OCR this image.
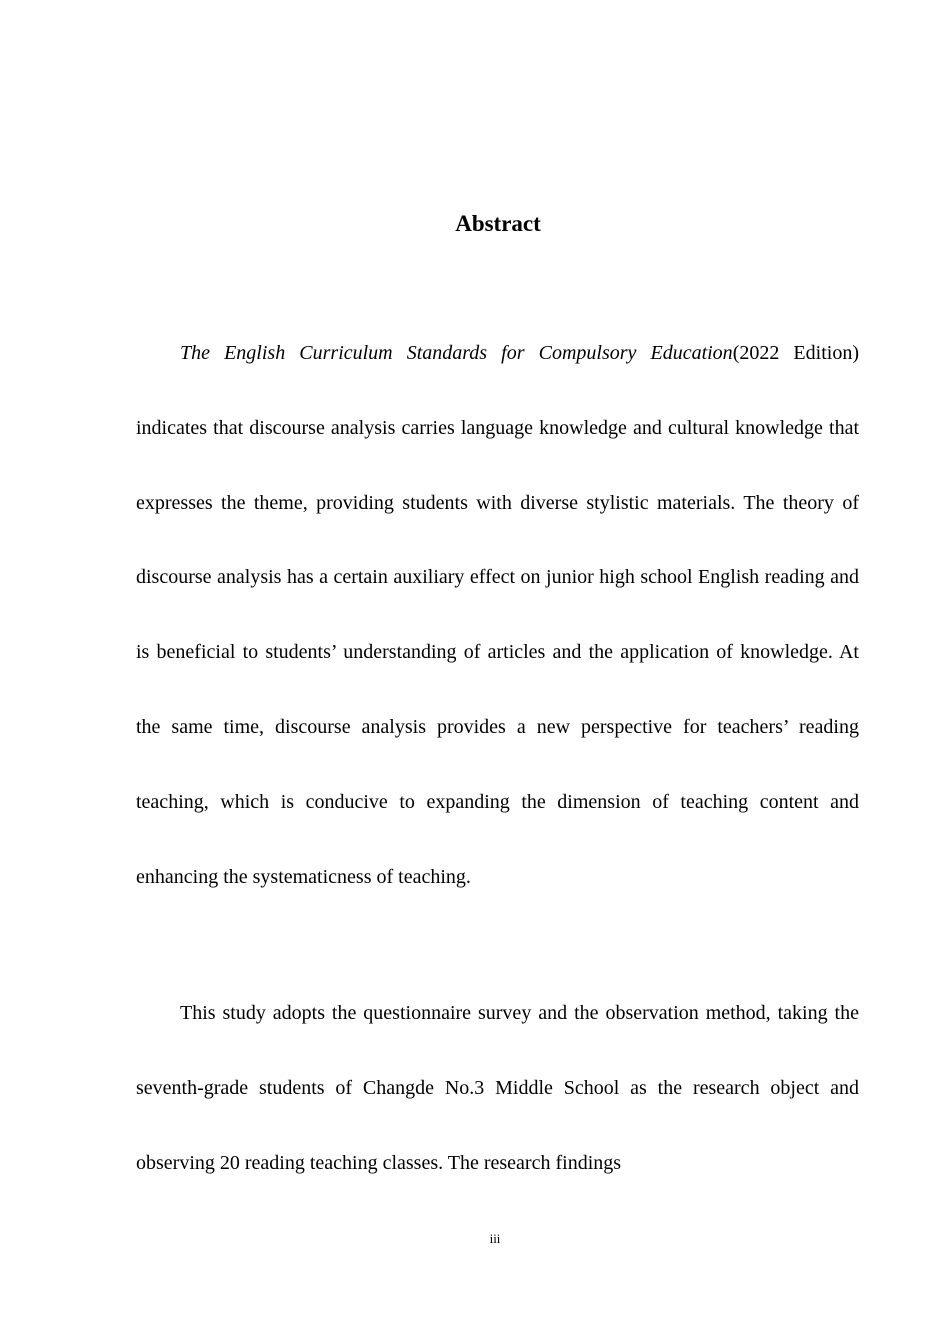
Abstract

The English Curriculum Standards for Compulsory Education(2022 Edition) indicates that discourse analysis carries language knowledge and cultural knowledge that expresses the theme, providing students with diverse stylistic materials. The theory of discourse analysis has a certain auxiliary effect on junior high school English reading and is beneficial to students’ understanding of articles and the application of knowledge. At the same time, discourse analysis provides a new perspective for teachers’ reading teaching, which is conducive to expanding the dimension of teaching content and enhancing the systematicness of teaching.

This study adopts the questionnaire survey and the observation method, taking the seventh-grade students of Changde No.3 Middle School as the research object and observing 20 reading teaching classes. The research findings

iii
